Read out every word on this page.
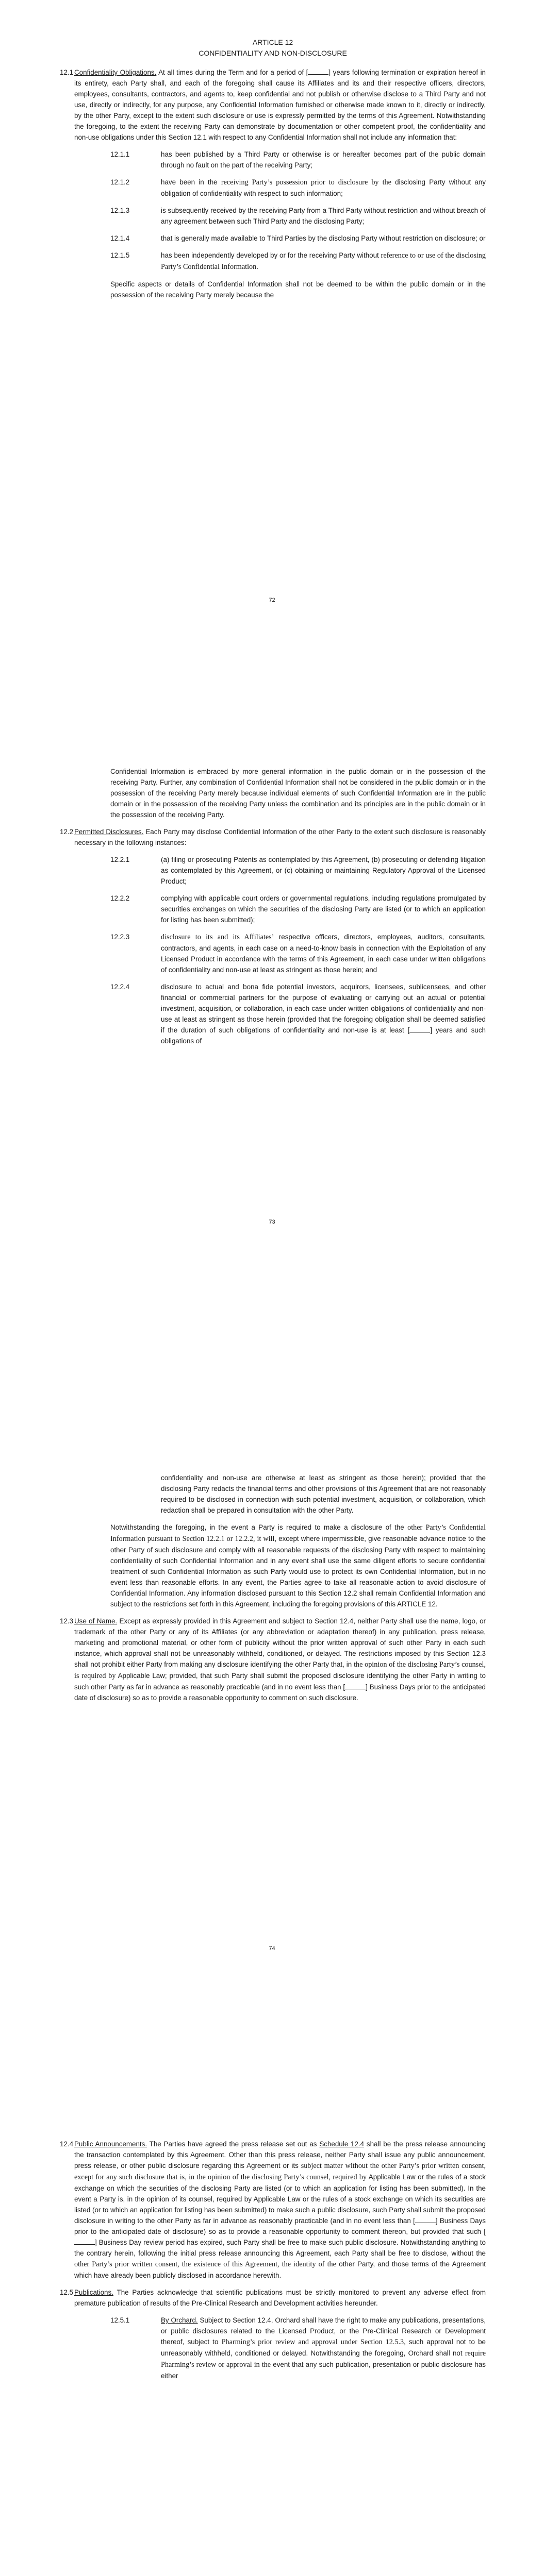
ARTICLE 12

CONFIDENTIALITY AND NON-DISCLOSURE

12.1 Confidentiality Obligations. At all times during the Term and for a period of [	] years following termination or expiration hereof in its entirety, each Party shall, and each of the foregoing shall cause its Affiliates and its and their respective officers, directors, employees, consultants, contractors, and agents to, keep confidential and not publish or otherwise disclose to a Third Party and not use, directly or indirectly, for any purpose, any Confidential Information furnished or otherwise made known to it, directly or indirectly, by the other Party, except to the extent such disclosure or use is expressly permitted by the terms of this Agreement. Notwithstanding the foregoing, to the extent the receiving Party can demonstrate by documentation or other competent proof, the confidentiality and non-use obligations under this Section 12.1 with respect to any Confidential Information shall not include any information that:

12.1.1	has been published by a Third Party or otherwise is or hereafter becomes part of the public domain through no fault on the part of the receiving Party;

12.1.2	have been in the receiving Party’s possession prior to disclosure by the disclosing Party without any obligation of confidentiality with respect to such information;

12.1.3	is subsequently received by the receiving Party from a Third Party without restriction and without breach of any agreement between such Third Party and the disclosing Party;

12.1.4	that is generally made available to Third Parties by the disclosing Party without restriction on disclosure; or

12.1.5	has been independently developed by or for the receiving Party without reference to or use of the disclosing Party’s Confidential Information.

Specific aspects or details of Confidential Information shall not be deemed to be within the public domain or in the possession of the receiving Party merely because the

72

Confidential Information is embraced by more general information in the public domain or in the possession of the receiving Party. Further, any combination of Confidential Information shall not be considered in the public domain or in the possession of the receiving Party merely because individual elements of such Confidential Information are in the public domain or in the possession of the receiving Party unless the combination and its principles are in the public domain or in the possession of the receiving Party.

12.2 Permitted Disclosures. Each Party may disclose Confidential Information of the other Party to the extent such disclosure is reasonably necessary in the following instances:

12.2.1	(a) filing or prosecuting Patents as contemplated by this Agreement, (b) prosecuting or defending litigation as contemplated by this Agreement, or (c) obtaining or maintaining Regulatory Approval of the Licensed Product;

12.2.2	complying with applicable court orders or governmental regulations, including regulations promulgated by securities exchanges on which the securities of the disclosing Party are listed (or to which an application for listing has been submitted);

12.2.3	disclosure to its and its Affiliates’ respective officers, directors, employees, auditors, consultants, contractors, and agents, in each case on a need-to-know basis in connection with the Exploitation of any Licensed Product in accordance with the terms of this Agreement, in each case under written obligations of confidentiality and non-use at least as stringent as those herein; and

12.2.4	disclosure to actual and bona fide potential investors, acquirors, licensees, sublicensees, and other financial or commercial partners for the purpose of evaluating or carrying out an actual or potential investment, acquisition, or collaboration, in each case under written obligations of confidentiality and non-use at least as stringent as those herein (provided that the foregoing obligation shall be deemed satisfied if the duration of such obligations of confidentiality and non-use is at least [	] years and such obligations of

73

confidentiality and non-use are otherwise at least as stringent as those herein); provided that the disclosing Party redacts the financial terms and other provisions of this Agreement that are not reasonably required to be disclosed in connection with such potential investment, acquisition, or collaboration, which redaction shall be prepared in consultation with the other Party.

Notwithstanding the foregoing, in the event a Party is required to make a disclosure of the other Party’s Confidential Information pursuant to Section 12.2.1 or 12.2.2, it will, except where impermissible, give reasonable advance notice to the other Party of such disclosure and comply with all reasonable requests of the disclosing Party with respect to maintaining confidentiality of such Confidential Information and in any event shall use the same diligent efforts to secure confidential treatment of such Confidential Information as such Party would use to protect its own Confidential Information, but in no event less than reasonable efforts. In any event, the Parties agree to take all reasonable action to avoid disclosure of Confidential Information. Any information disclosed pursuant to this Section 12.2 shall remain Confidential Information and subject to the restrictions set forth in this Agreement, including the foregoing provisions of this ARTICLE 12.

12.3 Use of Name. Except as expressly provided in this Agreement and subject to Section 12.4, neither Party shall use the name, logo, or trademark of the other Party or any of its Affiliates (or any abbreviation or adaptation thereof) in any publication, press release, marketing and promotional material, or other form of publicity without the prior written approval of such other Party in each such instance, which approval shall not be unreasonably withheld, conditioned, or delayed. The restrictions imposed by this Section 12.3 shall not prohibit either Party from making any disclosure identifying the other Party that, in the opinion of the disclosing Party’s counsel, is required by Applicable Law; provided, that such Party shall submit the proposed disclosure identifying the other Party in writing to such other Party as far in advance as reasonably practicable (and in no event less than [	] Business Days prior to the anticipated date of disclosure) so as to provide a reasonable opportunity to comment on such disclosure.

74
12.4 Public Announcements. The Parties have agreed the press release set out as Schedule 12.4 shall be the press release announcing the transaction contemplated by this Agreement. Other than this press release, neither Party shall issue any public announcement, press release, or other public disclosure regarding this Agreement or its subject matter without the other Party’s prior written consent, except for any such disclosure that is, in the opinion of the disclosing Party’s counsel, required by Applicable Law or the rules of a stock exchange on which the securities of the disclosing Party are listed (or to which an application for listing has been submitted). In the event a Party is, in the opinion of its counsel, required by Applicable Law or the rules of a stock exchange on which its securities are listed (or to which an application for listing has been submitted) to make such a public disclosure, such Party shall submit the proposed disclosure in writing to the other Party as far in advance as reasonably practicable (and in no event less than [	] Business Days prior to the anticipated date of disclosure) so as to provide a reasonable opportunity to comment thereon, but provided that such [] Business Day review period has expired, such Party shall be free to make such public disclosure. Notwithstanding anything to the contrary herein, following the initial press release announcing this Agreement, each Party shall be free to disclose, without the other Party’s prior written consent, the existence of this Agreement, the identity of the other Party, and those terms of the Agreement which have already been publicly disclosed in accordance herewith.

12.5 Publications. The Parties acknowledge that scientific publications must be strictly monitored to prevent any adverse effect from premature publication of results of the Pre-Clinical Research and Development activities hereunder.

12.5.1	By Orchard. Subject to Section 12.4, Orchard shall have the right to make any publications, presentations, or public disclosures related to the Licensed Product, or the Pre-Clinical Research or Development thereof, subject to Pharming’s prior review and approval under Section 12.5.3, such approval not to be unreasonably withheld, conditioned or delayed. Notwithstanding the foregoing, Orchard shall not require Pharming’s review or approval in the event that any such publication, presentation or public disclosure has either
